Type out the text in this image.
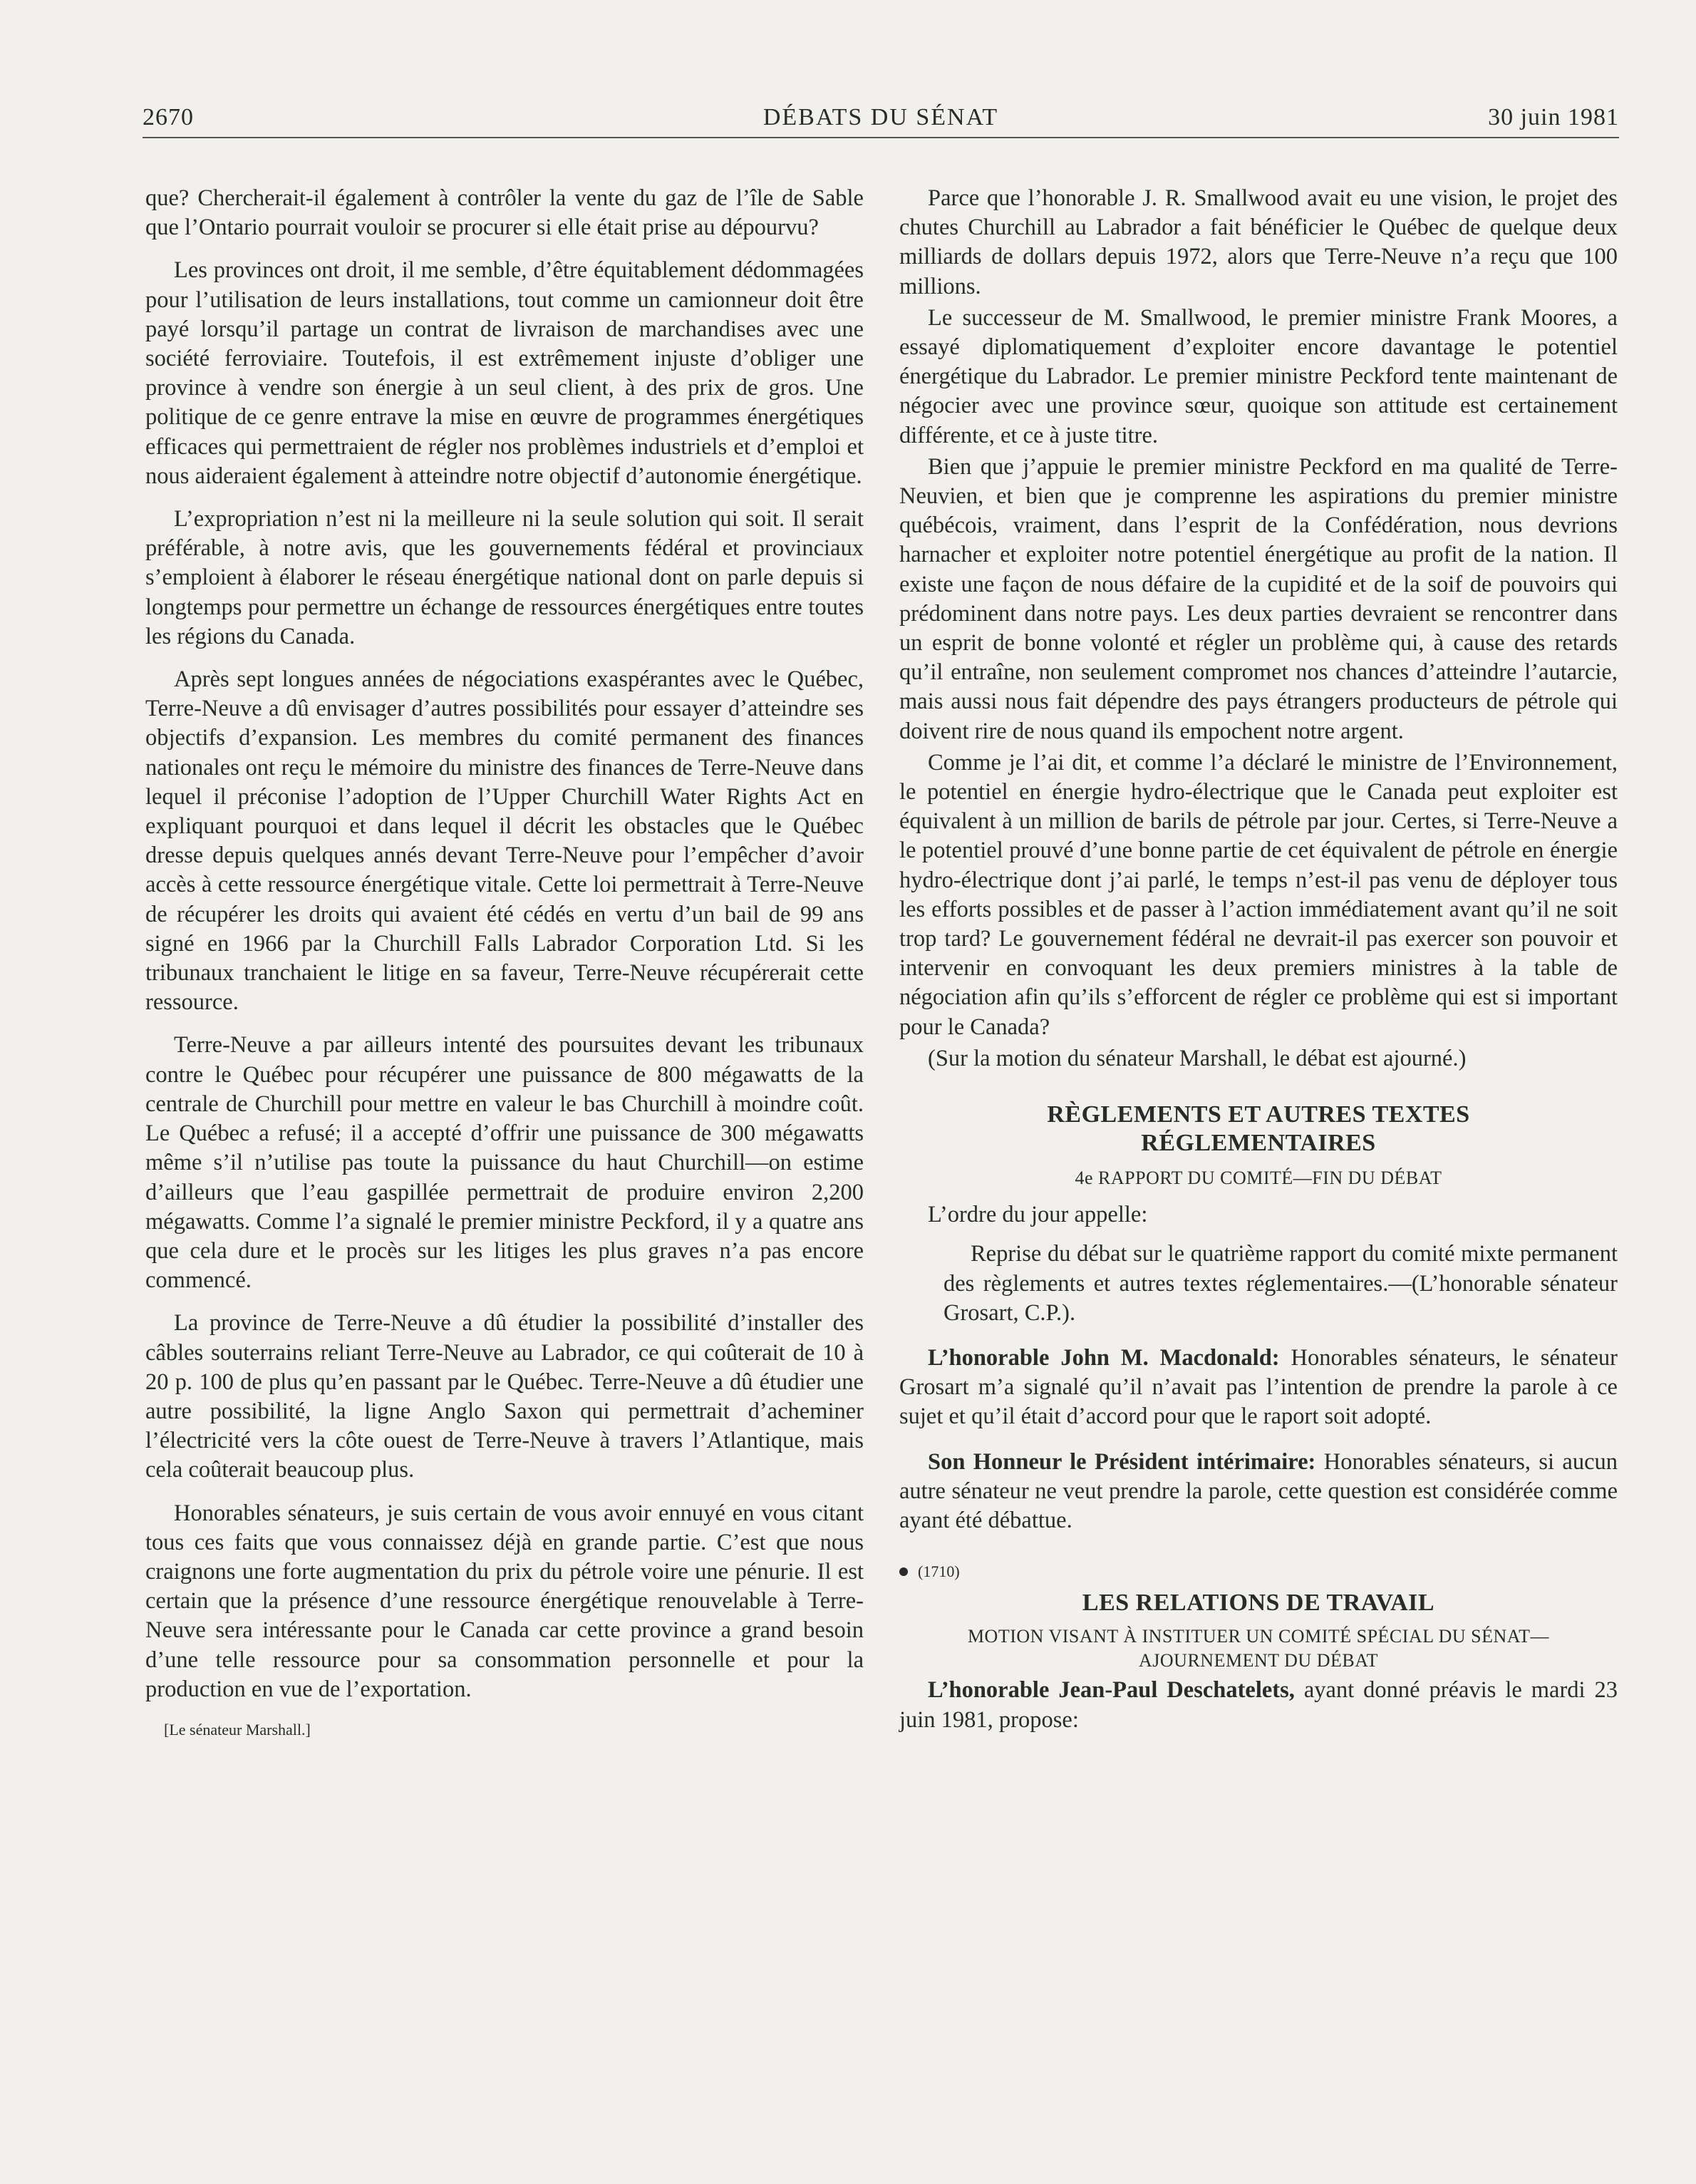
2670	DÉBATS DU SÉNAT	30 juin 1981

que? Chercherait-il également à contrôler la vente du gaz de l’île de Sable que l’Ontario pourrait vouloir se procurer si elle était prise au dépourvu?

Les provinces ont droit, il me semble, d’être équitablement dédommagées pour l’utilisation de leurs installations, tout comme un camionneur doit être payé lorsqu’il partage un contrat de livraison de marchandises avec une société ferroviaire. Toutefois, il est extrêmement injuste d’obliger une province à vendre son énergie à un seul client, à des prix de gros. Une politique de ce genre entrave la mise en œuvre de programmes énergétiques efficaces qui permettraient de régler nos problèmes industriels et d’emploi et nous aideraient également à atteindre notre objectif d’autonomie énergétique.

L’expropriation n’est ni la meilleure ni la seule solution qui soit. Il serait préférable, à notre avis, que les gouvernements fédéral et provinciaux s’emploient à élaborer le réseau énergétique national dont on parle depuis si longtemps pour permettre un échange de ressources énergétiques entre toutes les régions du Canada.

Après sept longues années de négociations exaspérantes avec le Québec, Terre-Neuve a dû envisager d’autres possibilités pour essayer d’atteindre ses objectifs d’expansion. Les membres du comité permanent des finances nationales ont reçu le mémoire du ministre des finances de Terre-Neuve dans lequel il préconise l’adoption de l’Upper Churchill Water Rights Act en expliquant pourquoi et dans lequel il décrit les obstacles que le Québec dresse depuis quelques annés devant Terre-Neuve pour l’empêcher d’avoir accès à cette ressource énergétique vitale. Cette loi permettrait à Terre-Neuve de récupérer les droits qui avaient été cédés en vertu d’un bail de 99 ans signé en 1966 par la Churchill Falls Labrador Corporation Ltd. Si les tribunaux tranchaient le litige en sa faveur, Terre-Neuve récupérerait cette ressource.

Terre-Neuve a par ailleurs intenté des poursuites devant les tribunaux contre le Québec pour récupérer une puissance de 800 mégawatts de la centrale de Churchill pour mettre en valeur le bas Churchill à moindre coût. Le Québec a refusé; il a accepté d’offrir une puissance de 300 mégawatts même s’il n’utilise pas toute la puissance du haut Churchill—on estime d’ailleurs que l’eau gaspillée permettrait de produire environ 2,200 mégawatts. Comme l’a signalé le premier ministre Peckford, il y a quatre ans que cela dure et le procès sur les litiges les plus graves n’a pas encore commencé.

La province de Terre-Neuve a dû étudier la possibilité d’installer des câbles souterrains reliant Terre-Neuve au Labrador, ce qui coûterait de 10 à 20 p. 100 de plus qu’en passant par le Québec. Terre-Neuve a dû étudier une autre possibilité, la ligne Anglo Saxon qui permettrait d’acheminer l’électricité vers la côte ouest de Terre-Neuve à travers l’Atlantique, mais cela coûterait beaucoup plus.

Honorables sénateurs, je suis certain de vous avoir ennuyé en vous citant tous ces faits que vous connaissez déjà en grande partie. C’est que nous craignons une forte augmentation du prix du pétrole voire une pénurie. Il est certain que la présence d’une ressource énergétique renouvelable à Terre-Neuve sera intéressante pour le Canada car cette province a grand besoin d’une telle ressource pour sa consommation personnelle et pour la production en vue de l’exportation.

[Le sénateur Marshall.]

Parce que l’honorable J. R. Smallwood avait eu une vision, le projet des chutes Churchill au Labrador a fait bénéficier le Québec de quelque deux milliards de dollars depuis 1972, alors que Terre-Neuve n’a reçu que 100 millions.

Le successeur de M. Smallwood, le premier ministre Frank Moores, a essayé diplomatiquement d’exploiter encore davantage le potentiel énergétique du Labrador. Le premier ministre Peckford tente maintenant de négocier avec une province sœur, quoique son attitude est certainement différente, et ce à juste titre.

Bien que j’appuie le premier ministre Peckford en ma qualité de Terre-Neuvien, et bien que je comprenne les aspirations du premier ministre québécois, vraiment, dans l’esprit de la Confédération, nous devrions harnacher et exploiter notre potentiel énergétique au profit de la nation. Il existe une façon de nous défaire de la cupidité et de la soif de pouvoirs qui prédominent dans notre pays. Les deux parties devraient se rencontrer dans un esprit de bonne volonté et régler un problème qui, à cause des retards qu’il entraîne, non seulement compromet nos chances d’atteindre l’autarcie, mais aussi nous fait dépendre des pays étrangers producteurs de pétrole qui doivent rire de nous quand ils empochent notre argent.

Comme je l’ai dit, et comme l’a déclaré le ministre de l’Environnement, le potentiel en énergie hydro-électrique que le Canada peut exploiter est équivalent à un million de barils de pétrole par jour. Certes, si Terre-Neuve a le potentiel prouvé d’une bonne partie de cet équivalent de pétrole en énergie hydro-électrique dont j’ai parlé, le temps n’est-il pas venu de déployer tous les efforts possibles et de passer à l’action immédiatement avant qu’il ne soit trop tard? Le gouvernement fédéral ne devrait-il pas exercer son pouvoir et intervenir en convoquant les deux premiers ministres à la table de négociation afin qu’ils s’efforcent de régler ce problème qui est si important pour le Canada?

(Sur la motion du sénateur Marshall, le débat est ajourné.)

RÈGLEMENTS ET AUTRES TEXTES
RÉGLEMENTAIRES
4e RAPPORT DU COMITÉ—FIN DU DÉBAT

L’ordre du jour appelle:

Reprise du débat sur le quatrième rapport du comité mixte permanent des règlements et autres textes réglementaires.—(L’honorable sénateur Grosart, C.P.).

L’honorable John M. Macdonald: Honorables sénateurs, le sénateur Grosart m’a signalé qu’il n’avait pas l’intention de prendre la parole à ce sujet et qu’il était d’accord pour que le raport soit adopté.

Son Honneur le Président intérimaire: Honorables sénateurs, si aucun autre sénateur ne veut prendre la parole, cette question est considérée comme ayant été débattue.

(1710)
LES RELATIONS DE TRAVAIL
MOTION VISANT À INSTITUER UN COMITÉ SPÉCIAL DU SÉNAT—
AJOURNEMENT DU DÉBAT

L’honorable Jean-Paul Deschatelets, ayant donné préavis le mardi 23 juin 1981, propose:
